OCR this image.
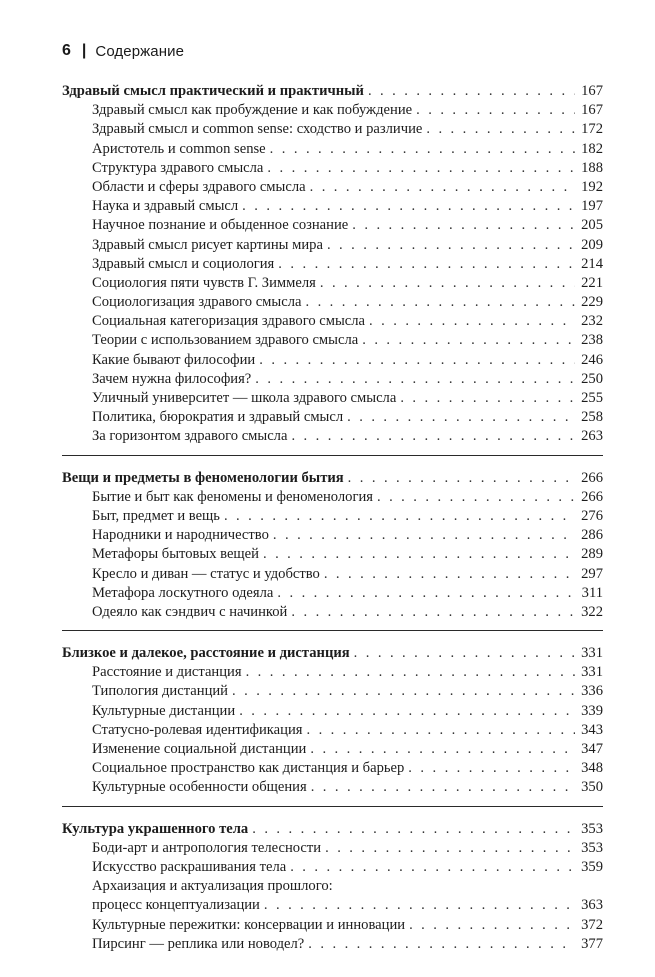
6 | Содержание
Здравый смысл практический и практичный . . .	167
Здравый смысл как пробуждение и как побуждение . . .	167
Здравый смысл и common sense: сходство и различие . . .	172
Аристотель и common sense . . .	182
Структура здравого смысла . . .	188
Области и сферы здравого смысла . . .	192
Наука и здравый смысл . . .	197
Научное познание и обыденное сознание . . .	205
Здравый смысл рисует картины мира . . .	209
Здравый смысл и социология . . .	214
Социология пяти чувств Г. Зиммеля . . .	221
Социологизация здравого смысла . . .	229
Социальная категоризация здравого смысла . . .	232
Теории с использованием здравого смысла . . .	238
Какие бывают философии . . .	246
Зачем нужна философия? . . .	250
Уличный университет — школа здравого смысла . . .	255
Политика, бюрократия и здравый смысл . . .	258
За горизонтом здравого смысла . . .	263
Вещи и предметы в феноменологии бытия . . .	266
Бытие и быт как феномены и феноменология . . .	266
Быт, предмет и вещь . . .	276
Народники и народничество . . .	286
Метафоры бытовых вещей . . .	289
Кресло и диван — статус и удобство . . .	297
Метафора лоскутного одеяла . . .	311
Одеяло как сэндвич с начинкой . . .	322
Близкое и далекое, расстояние и дистанция . . .	331
Расстояние и дистанция . . .	331
Типология дистанций . . .	336
Культурные дистанции . . .	339
Статусно-ролевая идентификация . . .	343
Изменение социальной дистанции . . .	347
Социальное пространство как дистанция и барьер . . .	348
Культурные особенности общения . . .	350
Культура украшенного тела . . .	353
Боди-арт и антропология телесности . . .	353
Искусство раскрашивания тела . . .	359
Архаизация и актуализация прошлого:
процесс концептуализации . . .	363
Культурные пережитки: консервации и инновации . . .	372
Пирсинг — реплика или новодел? . . .	377
